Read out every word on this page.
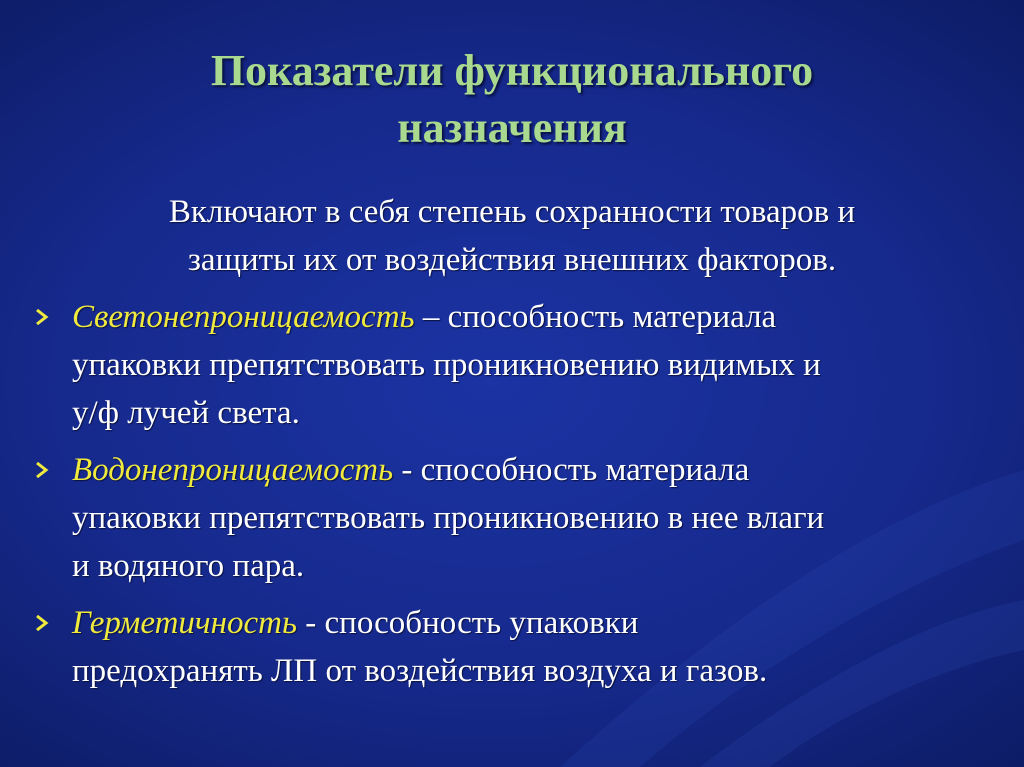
Показатели функционального
назначения
Включают в себя степень сохранности товаров и
защиты их от воздействия внешних факторов.
Светонепроницаемость – способность материала
упаковки препятствовать проникновению видимых и
у/ф лучей света.
Водонепроницаемость - способность материала
упаковки препятствовать проникновению в нее влаги
и водяного пара.
Герметичность - способность упаковки
предохранять ЛП от воздействия воздуха и газов.
